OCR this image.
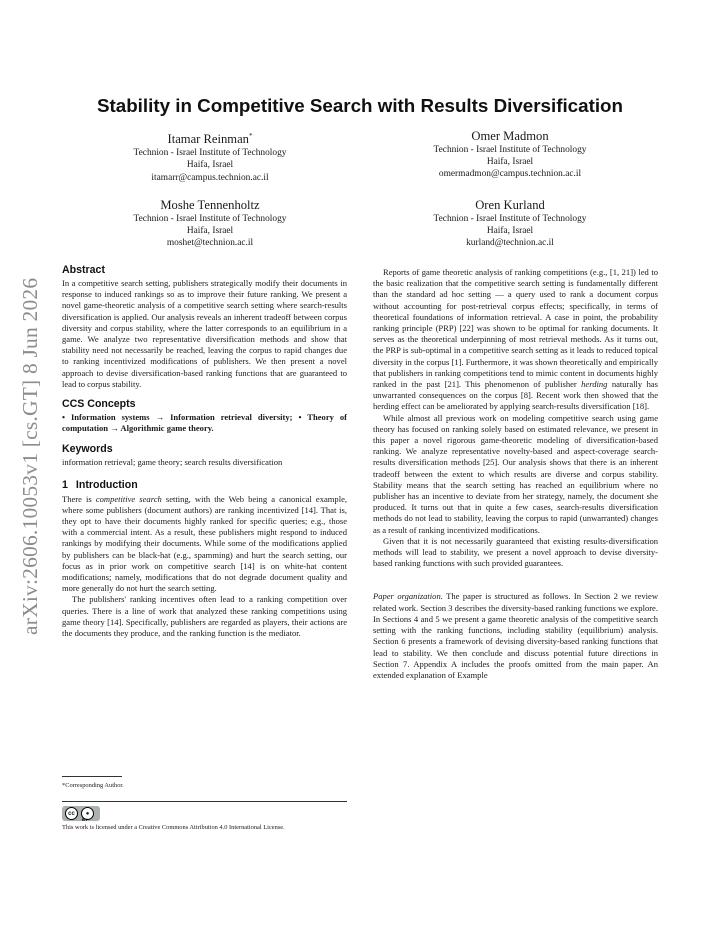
arXiv:2606.10053v1 [cs.GT] 8 Jun 2026
Stability in Competitive Search with Results Diversification
Itamar Reinman*
Technion - Israel Institute of Technology
Haifa, Israel
itamarr@campus.technion.ac.il
Omer Madmon
Technion - Israel Institute of Technology
Haifa, Israel
omermadmon@campus.technion.ac.il
Moshe Tennenholtz
Technion - Israel Institute of Technology
Haifa, Israel
moshet@technion.ac.il
Oren Kurland
Technion - Israel Institute of Technology
Haifa, Israel
kurland@technion.ac.il
Abstract

In a competitive search setting, publishers strategically modify their documents in response to induced rankings so as to improve their future ranking. We present a novel game-theoretic analysis of a competitive search setting where search-results diversification is applied. Our analysis reveals an inherent tradeoff between corpus diversity and corpus stability, where the latter corresponds to an equilibrium in a game. We analyze two representative diversification methods and show that stability need not necessarily be reached, leaving the corpus to rapid changes due to ranking incentivized modifications of publishers. We then present a novel approach to devise diversification-based ranking functions that are guaranteed to lead to corpus stability.

CCS Concepts

• Information systems → Information retrieval diversity; • Theory of computation → Algorithmic game theory.

Keywords

information retrieval; game theory; search results diversification

1 Introduction

There is competitive search setting, with the Web being a canonical example, where some publishers (document authors) are ranking incentivized [14]. That is, they opt to have their documents highly ranked for specific queries; e.g., those with a commercial intent. As a result, these publishers might respond to induced rankings by modifying their documents. While some of the modifications applied by publishers can be black-hat (e.g., spamming) and hurt the search setting, our focus as in prior work on competitive search [14] is on white-hat content modifications; namely, modifications that do not degrade document quality and more generally do not hurt the search setting.

The publishers' ranking incentives often lead to a ranking competition over queries. There is a line of work that analyzed these ranking competitions using game theory [14]. Specifically, publishers are regarded as players, their actions are the documents they produce, and the ranking function is the mediator.

*Corresponding Author.
cc	●
BY
This work is licensed under a Creative Commons Attribution 4.0 International License.

Reports of game theoretic analysis of ranking competitions (e.g., [1, 21]) led to the basic realization that the competitive search setting is fundamentally different than the standard ad hoc setting — a query used to rank a document corpus without accounting for post-retrieval corpus effects; specifically, in terms of theoretical foundations of information retrieval. A case in point, the probability ranking principle (PRP) [22] was shown to be optimal for ranking documents. It serves as the theoretical underpinning of most retrieval methods. As it turns out, the PRP is sub-optimal in a competitive search setting as it leads to reduced topical diversity in the corpus [1]. Furthermore, it was shown theoretically and empirically that publishers in ranking competitions tend to mimic content in documents highly ranked in the past [21]. This phenomenon of publisher herding naturally has unwarranted consequences on the corpus [8]. Recent work then showed that the herding effect can be ameliorated by applying search-results diversification [18].

While almost all previous work on modeling competitive search using game theory has focused on ranking solely based on estimated relevance, we present in this paper a novel rigorous game-theoretic modeling of diversification-based ranking. We analyze representative novelty-based and aspect-coverage search-results diversification methods [25]. Our analysis shows that there is an inherent tradeoff between the extent to which results are diverse and corpus stability. Stability means that the search setting has reached an equilibrium where no publisher has an incentive to deviate from her strategy, namely, the document she produced. It turns out that in quite a few cases, search-results diversification methods do not lead to stability, leaving the corpus to rapid (unwarranted) changes as a result of ranking incentivized modifications.

Given that it is not necessarily guaranteed that existing results-diversification methods will lead to stability, we present a novel approach to devise diversity-based ranking functions with such provided guarantees.

Paper organization. The paper is structured as follows. In Section 2 we review related work. Section 3 describes the diversity-based ranking functions we explore. In Sections 4 and 5 we present a game theoretic analysis of the competitive search setting with the ranking functions, including stability (equilibrium) analysis. Section 6 presents a framework of devising diversity-based ranking functions that lead to stability. We then conclude and discuss potential future directions in Section 7. Appendix A includes the proofs omitted from the main paper. An extended explanation of Example
